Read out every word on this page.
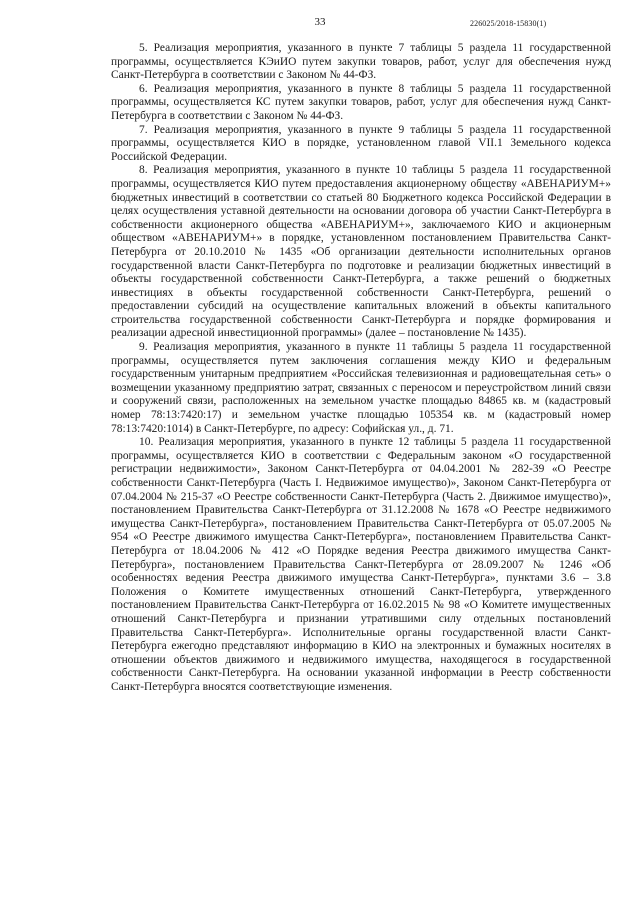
33	226025/2018-15830(1)

5. Реализация мероприятия, указанного в пункте 7 таблицы 5 раздела 11 государственной программы, осуществляется КЭиИО путем закупки товаров, работ, услуг для обеспечения нужд Санкт-Петербурга в соответствии с Законом № 44-ФЗ.

6. Реализация мероприятия, указанного в пункте 8 таблицы 5 раздела 11 государственной программы, осуществляется КС путем закупки товаров, работ, услуг для обеспечения нужд Санкт-Петербурга в соответствии с Законом № 44-ФЗ.

7. Реализация мероприятия, указанного в пункте 9 таблицы 5 раздела 11 государственной программы, осуществляется КИО в порядке, установленном главой VII.1 Земельного кодекса Российской Федерации.

8. Реализация мероприятия, указанного в пункте 10 таблицы 5 раздела 11 государственной программы, осуществляется КИО путем предоставления акционерному обществу «АВЕНАРИУМ+» бюджетных инвестиций в соответствии со статьей 80 Бюджетного кодекса Российской Федерации в целях осуществления уставной деятельности на основании договора об участии Санкт-Петербурга в собственности акционерного общества «АВЕНАРИУМ+», заключаемого КИО и акционерным обществом «АВЕНАРИУМ+» в порядке, установленном постановлением Правительства Санкт-Петербурга от 20.10.2010 № 1435 «Об организации деятельности исполнительных органов государственной власти Санкт-Петербурга по подготовке и реализации бюджетных инвестиций в объекты государственной собственности Санкт-Петербурга, а также решений о бюджетных инвестициях в объекты государственной собственности Санкт-Петербурга, решений о предоставлении субсидий на осуществление капитальных вложений в объекты капитального строительства государственной собственности Санкт-Петербурга и порядке формирования и реализации адресной инвестиционной программы» (далее – постановление № 1435).

9. Реализация мероприятия, указанного в пункте 11 таблицы 5 раздела 11 государственной программы, осуществляется путем заключения соглашения между КИО и федеральным государственным унитарным предприятием «Российская телевизионная и радиовещательная сеть» о возмещении указанному предприятию затрат, связанных с переносом и переустройством линий связи и сооружений связи, расположенных на земельном участке площадью 84865 кв. м (кадастровый номер 78:13:7420:17) и земельном участке площадью 105354 кв. м (кадастровый номер 78:13:7420:1014) в Санкт-Петербурге, по адресу: Софийская ул., д. 71.

10. Реализация мероприятия, указанного в пункте 12 таблицы 5 раздела 11 государственной программы, осуществляется КИО в соответствии с Федеральным законом «О государственной регистрации недвижимости», Законом Санкт-Петербурга от 04.04.2001 № 282-39 «О Реестре собственности Санкт-Петербурга (Часть I. Недвижимое имущество)», Законом Санкт-Петербурга от 07.04.2004 № 215-37 «О Реестре собственности Санкт-Петербурга (Часть 2. Движимое имущество)», постановлением Правительства Санкт-Петербурга от 31.12.2008 № 1678 «О Реестре недвижимого имущества Санкт-Петербурга», постановлением Правительства Санкт-Петербурга от 05.07.2005 № 954 «О Реестре движимого имущества Санкт-Петербурга», постановлением Правительства Санкт-Петербурга от 18.04.2006 № 412 «О Порядке ведения Реестра движимого имущества Санкт-Петербурга», постановлением Правительства Санкт-Петербурга от 28.09.2007 № 1246 «Об особенностях ведения Реестра движимого имущества Санкт-Петербурга», пунктами 3.6 – 3.8 Положения о Комитете имущественных отношений Санкт-Петербурга, утвержденного постановлением Правительства Санкт-Петербурга от 16.02.2015 № 98 «О Комитете имущественных отношений Санкт-Петербурга и признании утратившими силу отдельных постановлений Правительства Санкт-Петербурга». Исполнительные органы государственной власти Санкт-Петербурга ежегодно представляют информацию в КИО на электронных и бумажных носителях в отношении объектов движимого и недвижимого имущества, находящегося в государственной собственности Санкт-Петербурга. На основании указанной информации в Реестр собственности Санкт-Петербурга вносятся соответствующие изменения.
